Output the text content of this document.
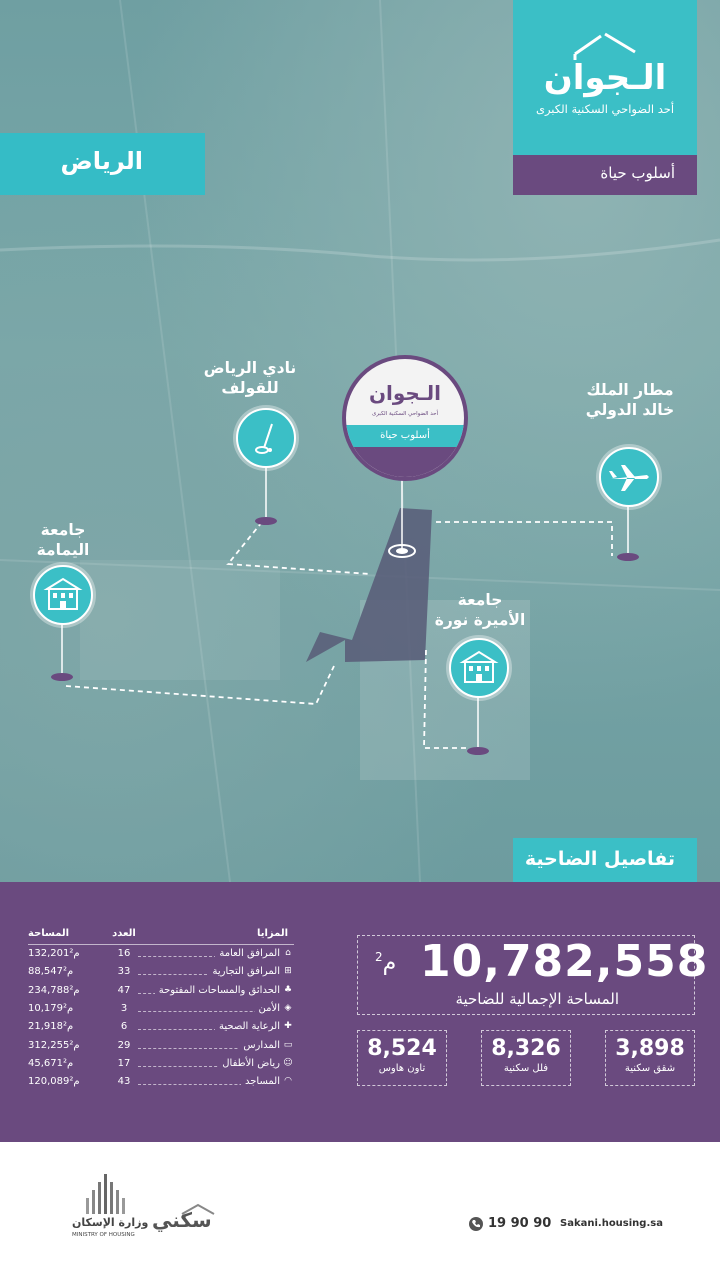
الـجوان
أحد الضواحي السكنية الكبرى
أسلوب حياة
الرياض
نادي الرياض للقولف	مطار الملك خالد الدولي
جامعة اليمامة
جامعة الأميرة نورة
الـجوان
أحد الضواحي السكنية الكبرى
أسلوب حياة
تفاصيل الضاحية
المساحة	العدد	المزايا
132,201م²	16	المرافق العامة ⌂
88,547م²	33	المرافق التجارية ⊞
234,788م²	47	الحدائق والمساحات المفتوحة ♣
10,179م²	3	الأمن ◈
21,918م²	6	الرعاية الصحية ✚
312,255م²	29	المدارس ▭
45,671م²	17	رياض الأطفال ☺
120,089م²	43	المساجد ◠
10,782,558
م$^2$
المساحة الإجمالية للضاحية
3,898
شقق سكنية
8,326
فلل سكنية
8,524
تاون هاوس
وزارة الإسكان
MINISTRY OF HOUSING
سكني	19 90 90 Sakani.housing.sa
